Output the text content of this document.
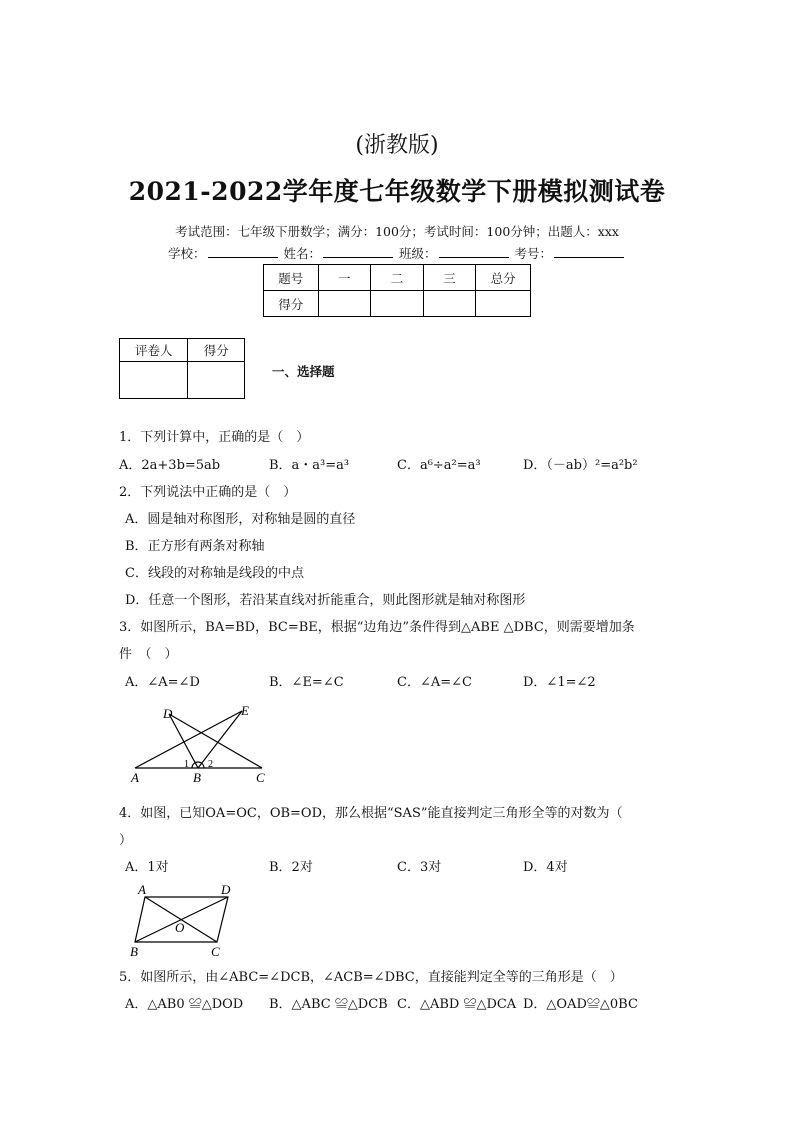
(浙教版)
2021-2022学年度七年级数学下册模拟测试卷
考试范围：七年级下册数学；满分：100分；考试时间：100分钟；出题人：xxx
学校：	姓名：	班级：	考号：
题号	一	二	三	总分
得分				
评卷人	得分

一、选择题
1．下列计算中，正确的是（　）
A．2a+3b=5ab	B．a・a³=a³	C．a⁶÷a²=a³	D．（－ab）²=a²b²
2．下列说法中正确的是（　）
A．圆是轴对称图形，对称轴是圆的直径
B．正方形有两条对称轴
C．线段的对称轴是线段的中点
D．任意一个图形，若沿某直线对折能重合，则此图形就是轴对称图形
3．如图所示，BA=BD，BC=BE，根据“边角边”条件得到△ABE △DBC，则需要增加条
件　（　）
A．∠A=∠D	B．∠E=∠C	C．∠A=∠C	D．∠1=∠2
D	E
A	B	C
1 2
4．如图，已知OA=OC，OB=OD，那么根据“SAS”能直接判定三角形全等的对数为（
）
A．1对	B．2对	C．3对	D．4对
A	D
O
B	C
5．如图所示，由∠ABC=∠DCB，∠ACB=∠DBC，直接能判定全等的三角形是（　）
A．△AB0 ≌△DOD B．△ABC ≌△DCB C．△ABD ≌△DCA D．△OAD≌△0BC
